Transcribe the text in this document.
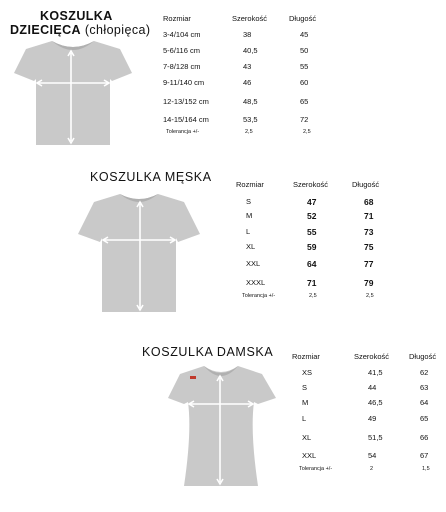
KOSZULKA
DZIECIĘCA (chłopięca)
Rozmiar	Szerokość	Długość
3-4/104 cm	38	45
5-6/116 cm	40,5	50
7-8/128 cm	43	55
9-11/140 cm	46	60
12-13/152 cm	48,5	65
14-15/164 cm	53,5	72
Tolerancja +/-	2,5	2,5
KOSZULKA MĘSKA
Rozmiar	Szerokość	Długość
S	47	68
M	52	71
L	55	73
XL	59	75
XXL	64	77
XXXL	71	79
Tolerancja +/-	2,5	2,5
KOSZULKA DAMSKA Rozmiar	Szerokość	Długość
XS	41,5	62
S	44	63
M	46,5	64
L	49	65
XL	51,5	66
XXL	54	67
Tolerancja +/-	2	1,5
